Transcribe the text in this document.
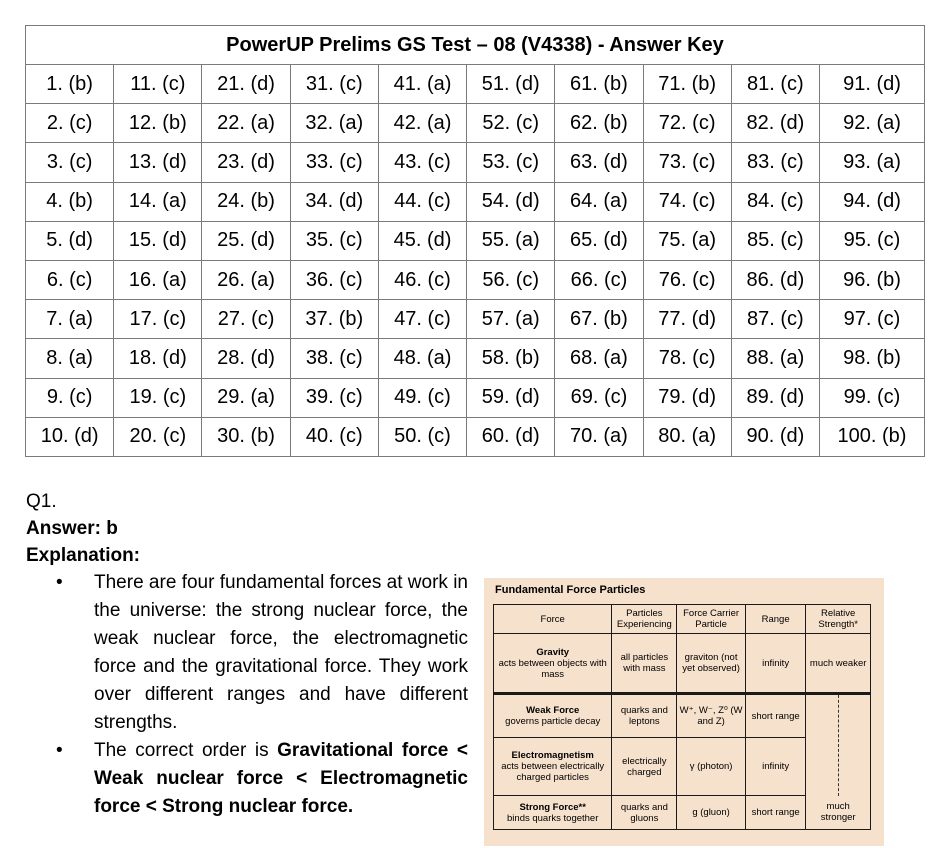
PowerUP Prelims GS Test – 08 (V4338) - Answer Key									
1. (b)	11. (c)	21. (d)	31. (c)	41. (a)	51. (d)	61. (b)	71. (b)	81. (c)	91. (d)
2. (c)	12. (b)	22. (a)	32. (a)	42. (a)	52. (c)	62. (b)	72. (c)	82. (d)	92. (a)
3. (c)	13. (d)	23. (d)	33. (c)	43. (c)	53. (c)	63. (d)	73. (c)	83. (c)	93. (a)
4. (b)	14. (a)	24. (b)	34. (d)	44. (c)	54. (d)	64. (a)	74. (c)	84. (c)	94. (d)
5. (d)	15. (d)	25. (d)	35. (c)	45. (d)	55. (a)	65. (d)	75. (a)	85. (c)	95. (c)
6. (c)	16. (a)	26. (a)	36. (c)	46. (c)	56. (c)	66. (c)	76. (c)	86. (d)	96. (b)
7. (a)	17. (c)	27. (c)	37. (b)	47. (c)	57. (a)	67. (b)	77. (d)	87. (c)	97. (c)
8. (a)	18. (d)	28. (d)	38. (c)	48. (a)	58. (b)	68. (a)	78. (c)	88. (a)	98. (b)
9. (c)	19. (c)	29. (a)	39. (c)	49. (c)	59. (d)	69. (c)	79. (d)	89. (d)	99. (c)
10. (d)	20. (c)	30. (b)	40. (c)	50. (c)	60. (d)	70. (a)	80. (a)	90. (d)	100. (b)
Q1.
Answer: b
Explanation:
• There are four fundamental forces at work in the universe: the strong nuclear force, the weak nuclear force, the electromagnetic force and the gravitational force. They work over different ranges and have different strengths.
• The correct order is Gravitational force < Weak nuclear force < Electromagnetic force < Strong nuclear force.
Fundamental Force Particles
Force	Particles Experiencing	Force Carrier Particle	Range	Relative Strength*

Gravity
acts between objects with mass	all particles with mass	graviton (not yet observed)	infinity	much weaker

Weak Force
governs particle decay	quarks and leptons	W⁺, W⁻, Z⁰ (W and Z)	short range	

Electromagnetism
acts between electrically charged particles	electrically charged	γ (photon)	infinity	

Strong Force**
binds quarks together	quarks and gluons	g (gluon)	short range	much stronger
